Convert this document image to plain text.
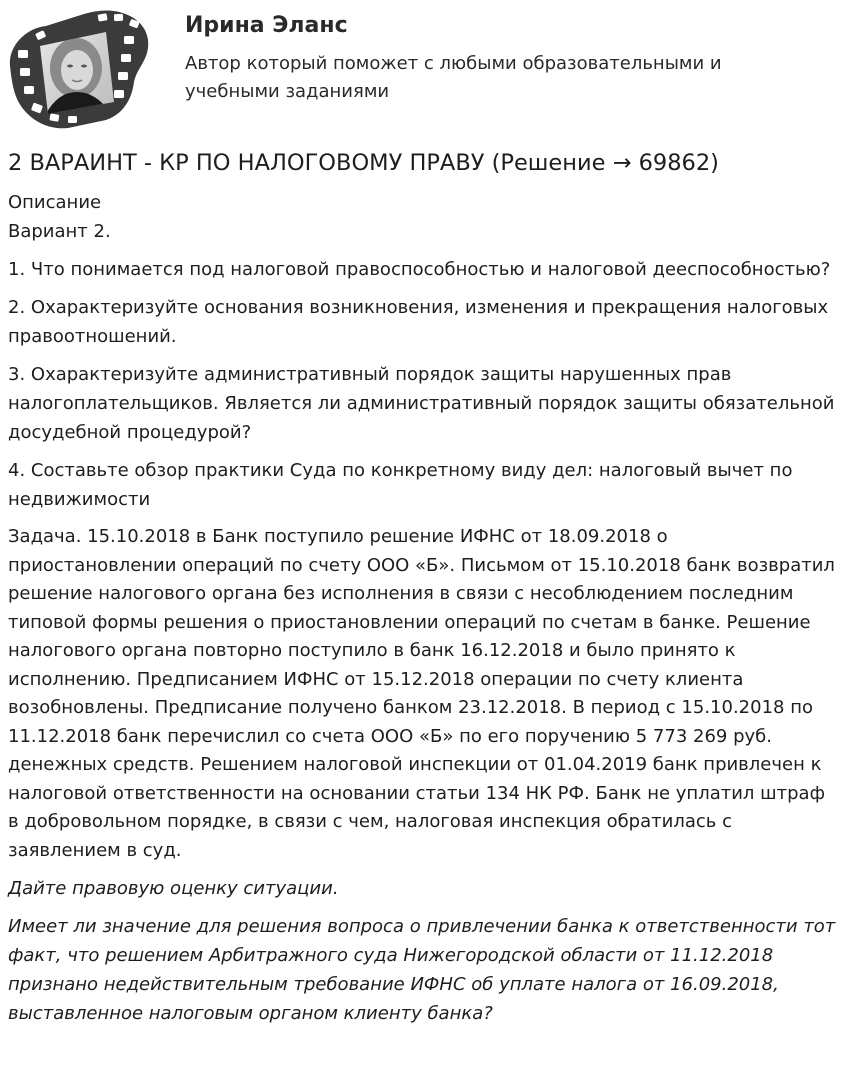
Ирина Эланс

Автор который поможет с любыми образовательными и учебными заданиями

2 ВАРАИНТ - КР ПО НАЛОГОВОМУ ПРАВУ (Решение → 69862)

Описание

Вариант 2.

1. Что понимается под налоговой правоспособностью и налоговой дееспособностью?

2. Охарактеризуйте основания возникновения, изменения и прекращения налоговых правоотношений.

3. Охарактеризуйте административный порядок защиты нарушенных прав налогоплательщиков. Является ли административный порядок защиты обязательной досудебной процедурой?

4. Составьте обзор практики Суда по конкретному виду дел: налоговый вычет по недвижимости

Задача. 15.10.2018 в Банк поступило решение ИФНС от 18.09.2018 о приостановлении операций по счету ООО «Б». Письмом от 15.10.2018 банк возвратил решение налогового органа без исполнения в связи с несоблюдением последним типовой формы решения о приостановлении операций по счетам в банке. Решение налогового органа повторно поступило в банк 16.12.2018 и было принято к исполнению. Предписанием ИФНС от 15.12.2018 операции по счету клиента возобновлены. Предписание получено банком 23.12.2018. В период с 15.10.2018 по 11.12.2018 банк перечислил со счета ООО «Б» по его поручению 5 773 269 руб. денежных средств. Решением налоговой инспекции от 01.04.2019 банк привлечен к налоговой ответственности на основании статьи 134 НК РФ. Банк не уплатил штраф в добровольном порядке, в связи с чем, налоговая инспекция обратилась с заявлением в суд.

Дайте правовую оценку ситуации.

Имеет ли значение для решения вопроса о привлечении банка к ответственности тот факт, что решением Арбитражного суда Нижегородской области от 11.12.2018 признано недействительным требование ИФНС об уплате налога от 16.09.2018, выставленное налоговым органом клиенту банка?
